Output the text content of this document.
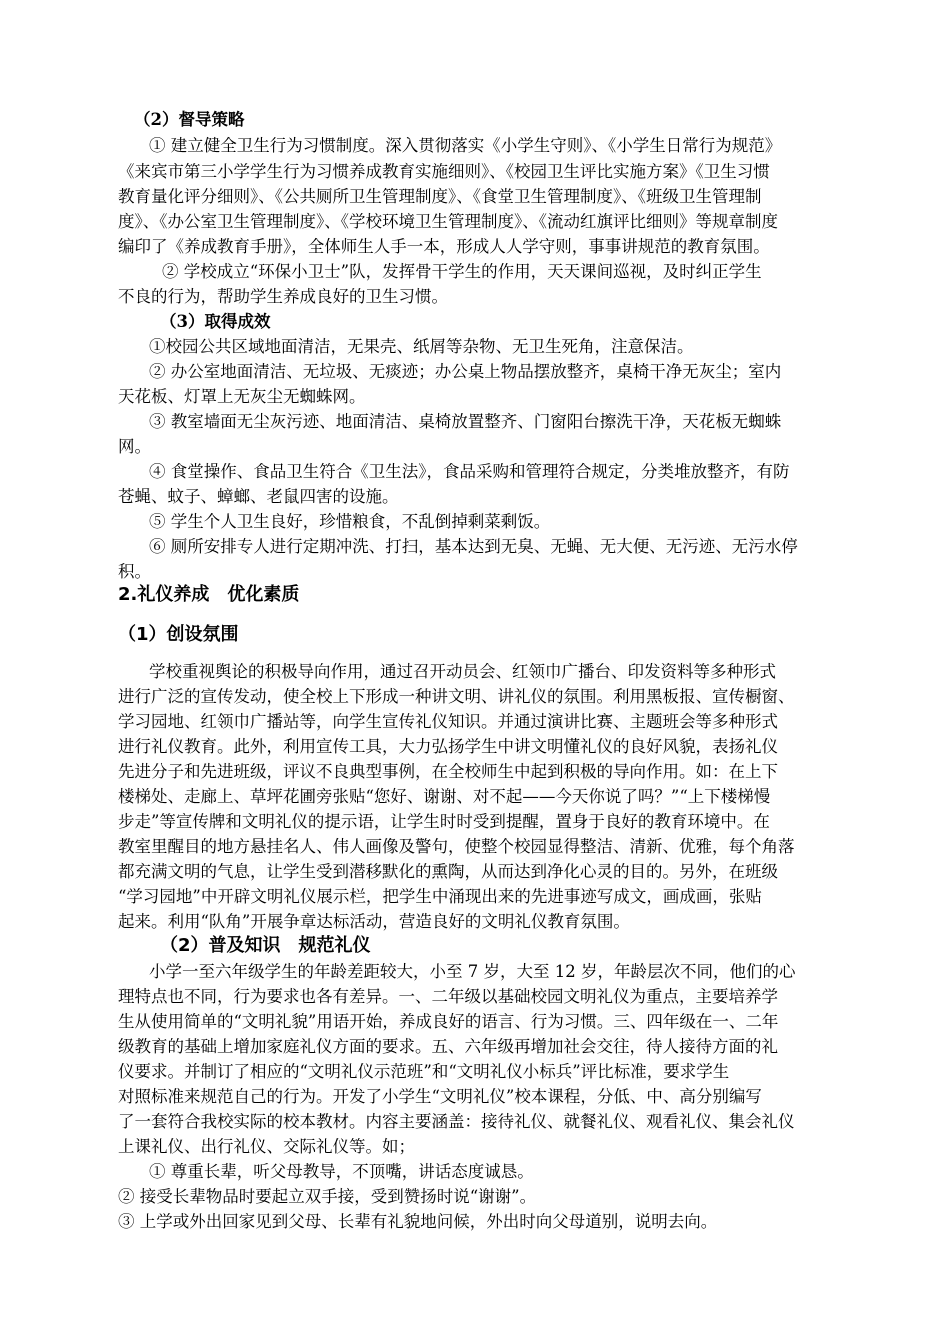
（2）督导策略
① 建立健全卫生行为习惯制度。深入贯彻落实《小学生守则》、《小学生日常行为规范》
《来宾市第三小学学生行为习惯养成教育实施细则》、《校园卫生评比实施方案》《卫生习惯
教育量化评分细则》、《公共厕所卫生管理制度》、《食堂卫生管理制度》、《班级卫生管理制
度》、《办公室卫生管理制度》、《学校环境卫生管理制度》、《流动红旗评比细则》等规章制度
编印了《养成教育手册》，全体师生人手一本，形成人人学守则，事事讲规范的教育氛围。
② 学校成立“环保小卫士”队，发挥骨干学生的作用，天天课间巡视，及时纠正学生
不良的行为，帮助学生养成良好的卫生习惯。
（3）取得成效
①校园公共区域地面清洁，无果壳、纸屑等杂物、无卫生死角，注意保洁。
② 办公室地面清洁、无垃圾、无痰迹；办公桌上物品摆放整齐，桌椅干净无灰尘；室内
天花板、灯罩上无灰尘无蜘蛛网。
③ 教室墙面无尘灰污迹、地面清洁、桌椅放置整齐、门窗阳台擦洗干净，天花板无蜘蛛
网。
④ 食堂操作、食品卫生符合《卫生法》，食品采购和管理符合规定，分类堆放整齐，有防
苍蝇、蚊子、蟑螂、老鼠四害的设施。
⑤ 学生个人卫生良好，珍惜粮食，不乱倒掉剩菜剩饭。
⑥ 厕所安排专人进行定期冲洗、打扫，基本达到无臭、无蝇、无大便、无污迹、无污水停
积。
2.礼仪养成　优化素质
（1）创设氛围
学校重视舆论的积极导向作用，通过召开动员会、红领巾广播台、印发资料等多种形式
进行广泛的宣传发动，使全校上下形成一种讲文明、讲礼仪的氛围。利用黑板报、宣传橱窗、
学习园地、红领巾广播站等，向学生宣传礼仪知识。并通过演讲比赛、主题班会等多种形式
进行礼仪教育。此外，利用宣传工具，大力弘扬学生中讲文明懂礼仪的良好风貌，表扬礼仪
先进分子和先进班级，评议不良典型事例，在全校师生中起到积极的导向作用。如：在上下
楼梯处、走廊上、草坪花圃旁张贴“您好、谢谢、对不起——今天你说了吗？”“上下楼梯慢
步走”等宣传牌和文明礼仪的提示语，让学生时时受到提醒，置身于良好的教育环境中。在
教室里醒目的地方悬挂名人、伟人画像及警句，使整个校园显得整洁、清新、优雅，每个角落
都充满文明的气息，让学生受到潜移默化的熏陶，从而达到净化心灵的目的。另外，在班级
“学习园地”中开辟文明礼仪展示栏，把学生中涌现出来的先进事迹写成文，画成画，张贴
起来。利用“队角”开展争章达标活动，营造良好的文明礼仪教育氛围。
（2）普及知识　规范礼仪
小学一至六年级学生的年龄差距较大，小至 7 岁，大至 12 岁，年龄层次不同，他们的心
理特点也不同，行为要求也各有差异。一、二年级以基础校园文明礼仪为重点，主要培养学
生从使用简单的“文明礼貌”用语开始，养成良好的语言、行为习惯。三、四年级在一、二年
级教育的基础上增加家庭礼仪方面的要求。五、六年级再增加社会交往，待人接待方面的礼
仪要求。并制订了相应的“文明礼仪示范班”和“文明礼仪小标兵”评比标准，要求学生
对照标准来规范自己的行为。开发了小学生“文明礼仪”校本课程，分低、中、高分别编写
了一套符合我校实际的校本教材。内容主要涵盖：接待礼仪、就餐礼仪、观看礼仪、集会礼仪
上课礼仪、出行礼仪、交际礼仪等。如；
① 尊重长辈，听父母教导，不顶嘴，讲话态度诚恳。
② 接受长辈物品时要起立双手接，受到赞扬时说“谢谢”。
③ 上学或外出回家见到父母、长辈有礼貌地问候，外出时向父母道别，说明去向。
